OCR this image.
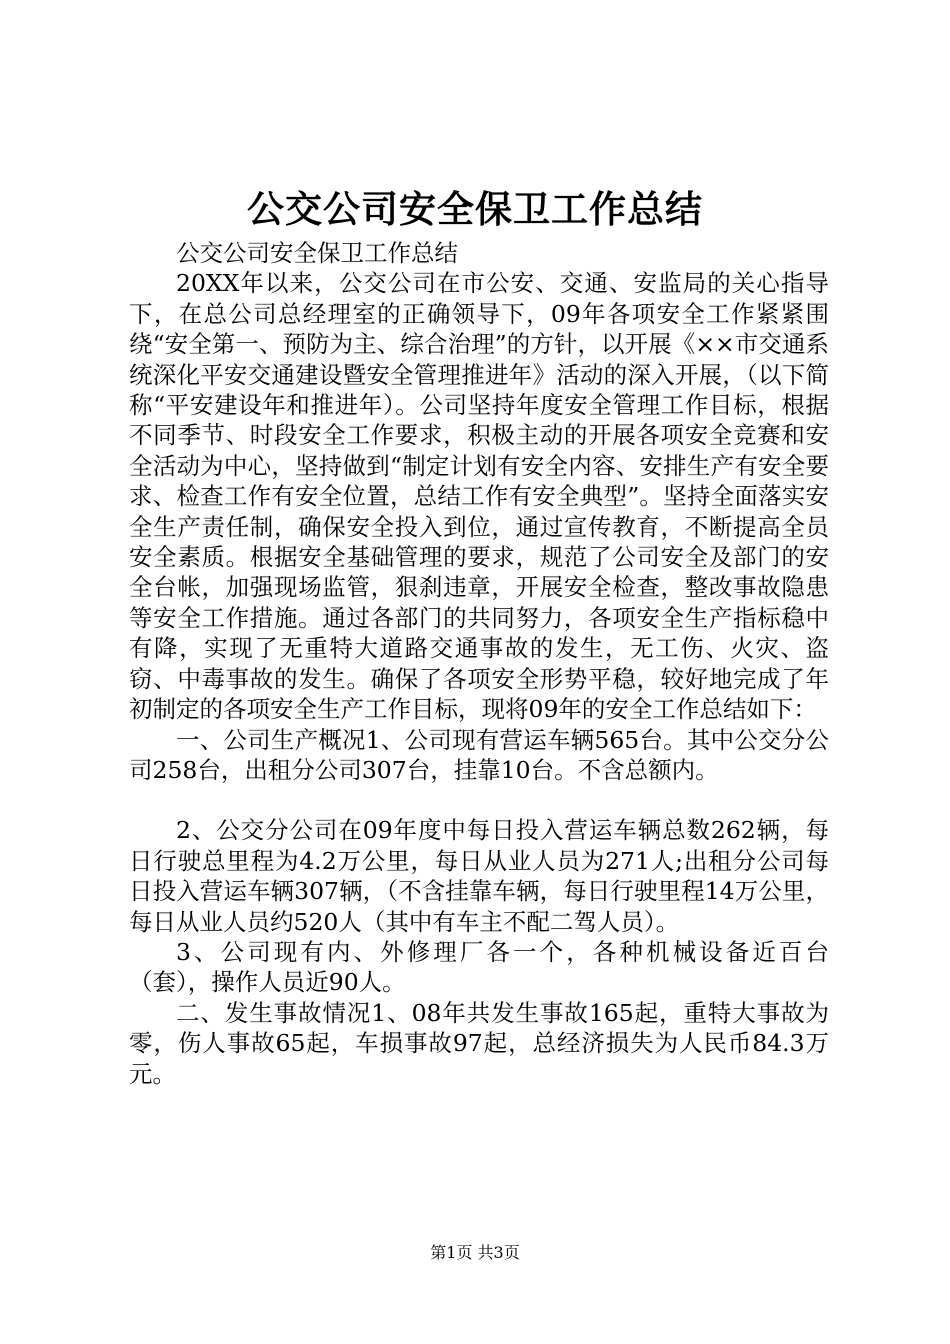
公交公司安全保卫工作总结

公交公司安全保卫工作总结

20XX年以来，公交公司在市公安、交通、安监局的关心指导下，在总公司总经理室的正确领导下，09年各项安全工作紧紧围绕“安全第一、预防为主、综合治理”的方针，以开展《××市交通系统深化平安交通建设暨安全管理推进年》活动的深入开展，（以下简称“平安建设年和推进年）。公司坚持年度安全管理工作目标，根据不同季节、时段安全工作要求，积极主动的开展各项安全竞赛和安全活动为中心，坚持做到“制定计划有安全内容、安排生产有安全要求、检查工作有安全位置，总结工作有安全典型”。坚持全面落实安全生产责任制，确保安全投入到位，通过宣传教育，不断提高全员安全素质。根据安全基础管理的要求，规范了公司安全及部门的安全台帐，加强现场监管，狠刹违章，开展安全检查，整改事故隐患等安全工作措施。通过各部门的共同努力，各项安全生产指标稳中有降，实现了无重特大道路交通事故的发生，无工伤、火灾、盗窃、中毒事故的发生。确保了各项安全形势平稳，较好地完成了年初制定的各项安全生产工作目标，现将09年的安全工作总结如下：

一、公司生产概况1、公司现有营运车辆565台。其中公交分公司258台，出租分公司307台，挂靠10台。不含总额内。

2、公交分公司在09年度中每日投入营运车辆总数262辆，每日行驶总里程为4.2万公里，每日从业人员为271人;出租分公司每日投入营运车辆307辆，（不含挂靠车辆，每日行驶里程14万公里，每日从业人员约520人（其中有车主不配二驾人员）。

3、公司现有内、外修理厂各一个，各种机械设备近百台（套），操作人员近90人。

二、发生事故情况1、08年共发生事故165起，重特大事故为零，伤人事故65起，车损事故97起，总经济损失为人民币84.3万元。

第1页 共3页
